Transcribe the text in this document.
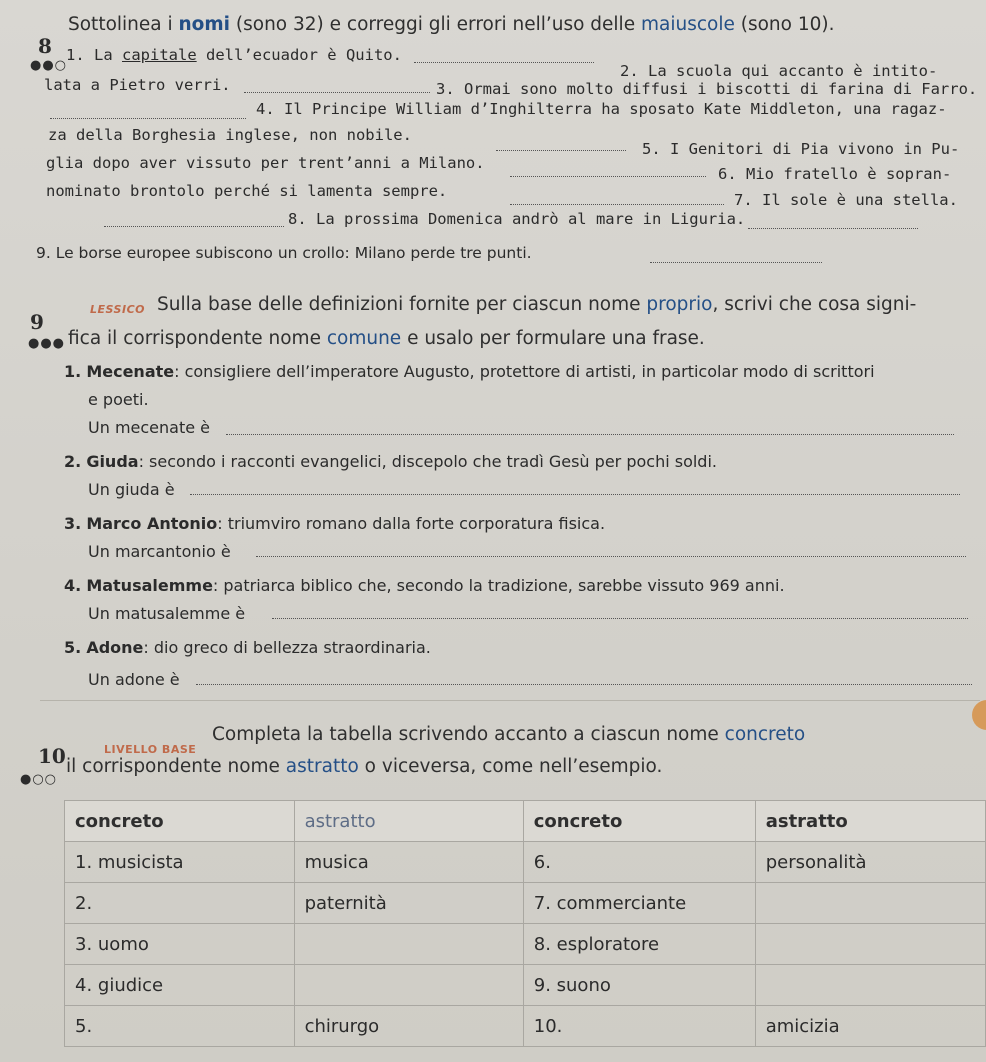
8
●●○
Sottolinea i nomi (sono 32) e correggi gli errori nell’uso delle maiuscole (sono 10).
1. La capitale dell’ecuador è Quito.
2. La scuola qui accanto è intito-
lata a Pietro verri.	3. Ormai sono molto diffusi i biscotti di farina di Farro.
4. Il Principe William d’Inghilterra ha sposato Kate Middleton, una ragaz-
za della Borghesia inglese, non nobile.
5. I Genitori di Pia vivono in Pu-
glia dopo aver vissuto per trent’anni a Milano.
6. Mio fratello è sopran-
nominato brontolo perché si lamenta sempre.	7. Il sole è una stella.
8. La prossima Domenica andrò al mare in Liguria.
9. Le borse europee subiscono un crollo: Milano perde tre punti.
9
●●●
LESSICO Sulla base delle definizioni fornite per ciascun nome proprio, scrivi che cosa signi-
fica il corrispondente nome comune e usalo per formulare una frase.
1. Mecenate: consigliere dell’imperatore Augusto, protettore di artisti, in particolar modo di scrittori
e poeti.
Un mecenate è
2. Giuda: secondo i racconti evangelici, discepolo che tradì Gesù per pochi soldi.
Un giuda è
3. Marco Antonio: triumviro romano dalla forte corporatura fisica.
Un marcantonio è
4. Matusalemme: patriarca biblico che, secondo la tradizione, sarebbe vissuto 969 anni.
Un matusalemme è
5. Adone: dio greco di bellezza straordinaria.
Un adone è
10
●○○
LIVELLO BASE
Completa la tabella scrivendo accanto a ciascun nome concreto
il corrispondente nome astratto o viceversa, come nell’esempio.
concreto	astratto	concreto	astratto
1. musicista	musica	6.	personalità
2.	paternità	7. commerciante	
3. uomo		8. esploratore	
4. giudice		9. suono	
5.	chirurgo	10.	amicizia
